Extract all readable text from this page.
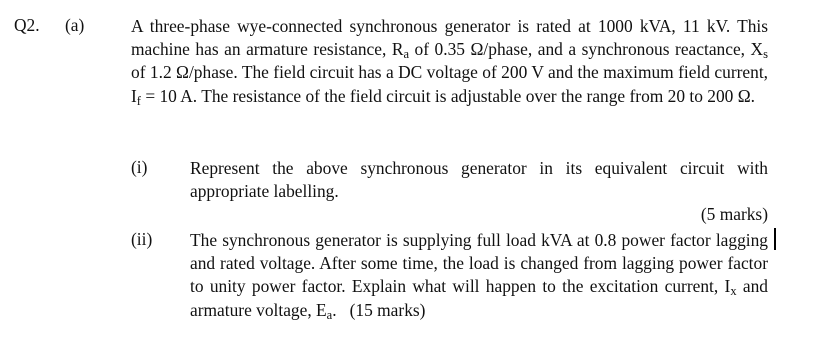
Q2. (a)	A three-phase wye-connected synchronous generator is rated at 1000 kVA, 11 kV. This machine has an armature resistance, $R_a$ of 0.35 Ω/phase, and a synchronous reactance, $X_s$ of 1.2 Ω/phase. The field circuit has a DC voltage of 200 V and the maximum field current, $I_f = 10$ A. The resistance of the field circuit is adjustable over the range from 20 to 200 Ω.
(i) Represent the above synchronous generator in its equivalent circuit with appropriate labelling.
(5 marks)
(ii) The synchronous generator is supplying full load kVA at 0.8 power factor lagging and rated voltage. After some time, the load is changed from lagging power factor to unity power factor. Explain what will happen to the excitation current, $I_x$ and armature voltage, $E_a$. (15 marks)
